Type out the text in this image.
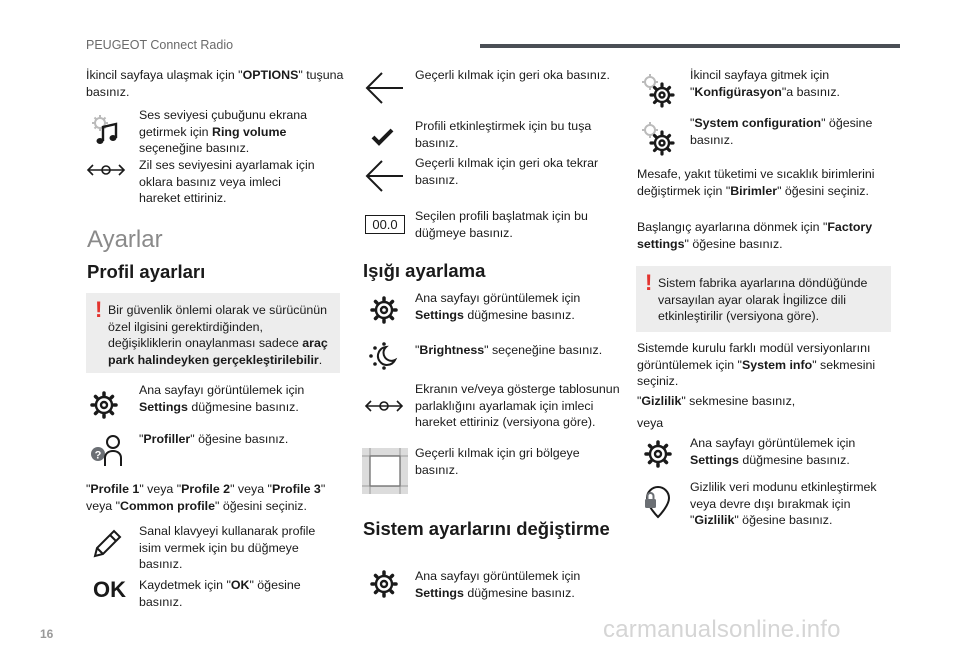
PEUGEOT Connect Radio
İkincil sayfaya ulaşmak için "OPTIONS" tuşuna basınız.
Ses seviyesi çubuğunu ekrana getirmek için Ring volume seçeneğine basınız.
Zil ses seviyesini ayarlamak için oklara basınız veya imleci hareket ettiriniz.
Ayarlar
Profil ayarları
! Bir güvenlik önlemi olarak ve sürücünün özel ilgisini gerektirdiğinden, değişikliklerin onaylanması sadece araç park halindeyken gerçekleştirilebilir.
Ana sayfayı görüntülemek için Settings düğmesine basınız.
?
"Profiller" öğesine basınız.
"Profile 1" veya "Profile 2" veya "Profile 3" veya "Common profile" öğesini seçiniz.
Sanal klavyeyi kullanarak profile isim vermek için bu düğmeye basınız.
OK Kaydetmek için "OK" öğesine basınız.
Geçerli kılmak için geri oka basınız.
Profili etkinleştirmek için bu tuşa basınız.
Geçerli kılmak için geri oka tekrar basınız.
00.0
Seçilen profili başlatmak için bu düğmeye basınız.
Işığı ayarlama
Ana sayfayı görüntülemek için Settings düğmesine basınız.
"Brightness" seçeneğine basınız.
Ekranın ve/veya gösterge tablosunun parlaklığını ayarlamak için imleci hareket ettiriniz (versiyona göre).
Geçerli kılmak için gri bölgeye basınız.
Sistem ayarlarını değiştirme
Ana sayfayı görüntülemek için Settings düğmesine basınız.
İkincil sayfaya gitmek için "Konfigürasyon"a basınız.
"System configuration" öğesine basınız.
Mesafe, yakıt tüketimi ve sıcaklık birimlerini değiştirmek için "Birimler" öğesini seçiniz.
Başlangıç ayarlarına dönmek için "Factory settings" öğesine basınız.
! Sistem fabrika ayarlarına döndüğünde varsayılan ayar olarak İngilizce dili etkinleştirilir (versiyona göre).
Sistemde kurulu farklı modül versiyonlarını görüntülemek için "System info" sekmesini seçiniz.
"Gizlilik" sekmesine basınız,
veya
Ana sayfayı görüntülemek için Settings düğmesine basınız.
Gizlilik veri modunu etkinleştirmek veya devre dışı bırakmak için "Gizlilik" öğesine basınız.
16	carmanualsonline.info
